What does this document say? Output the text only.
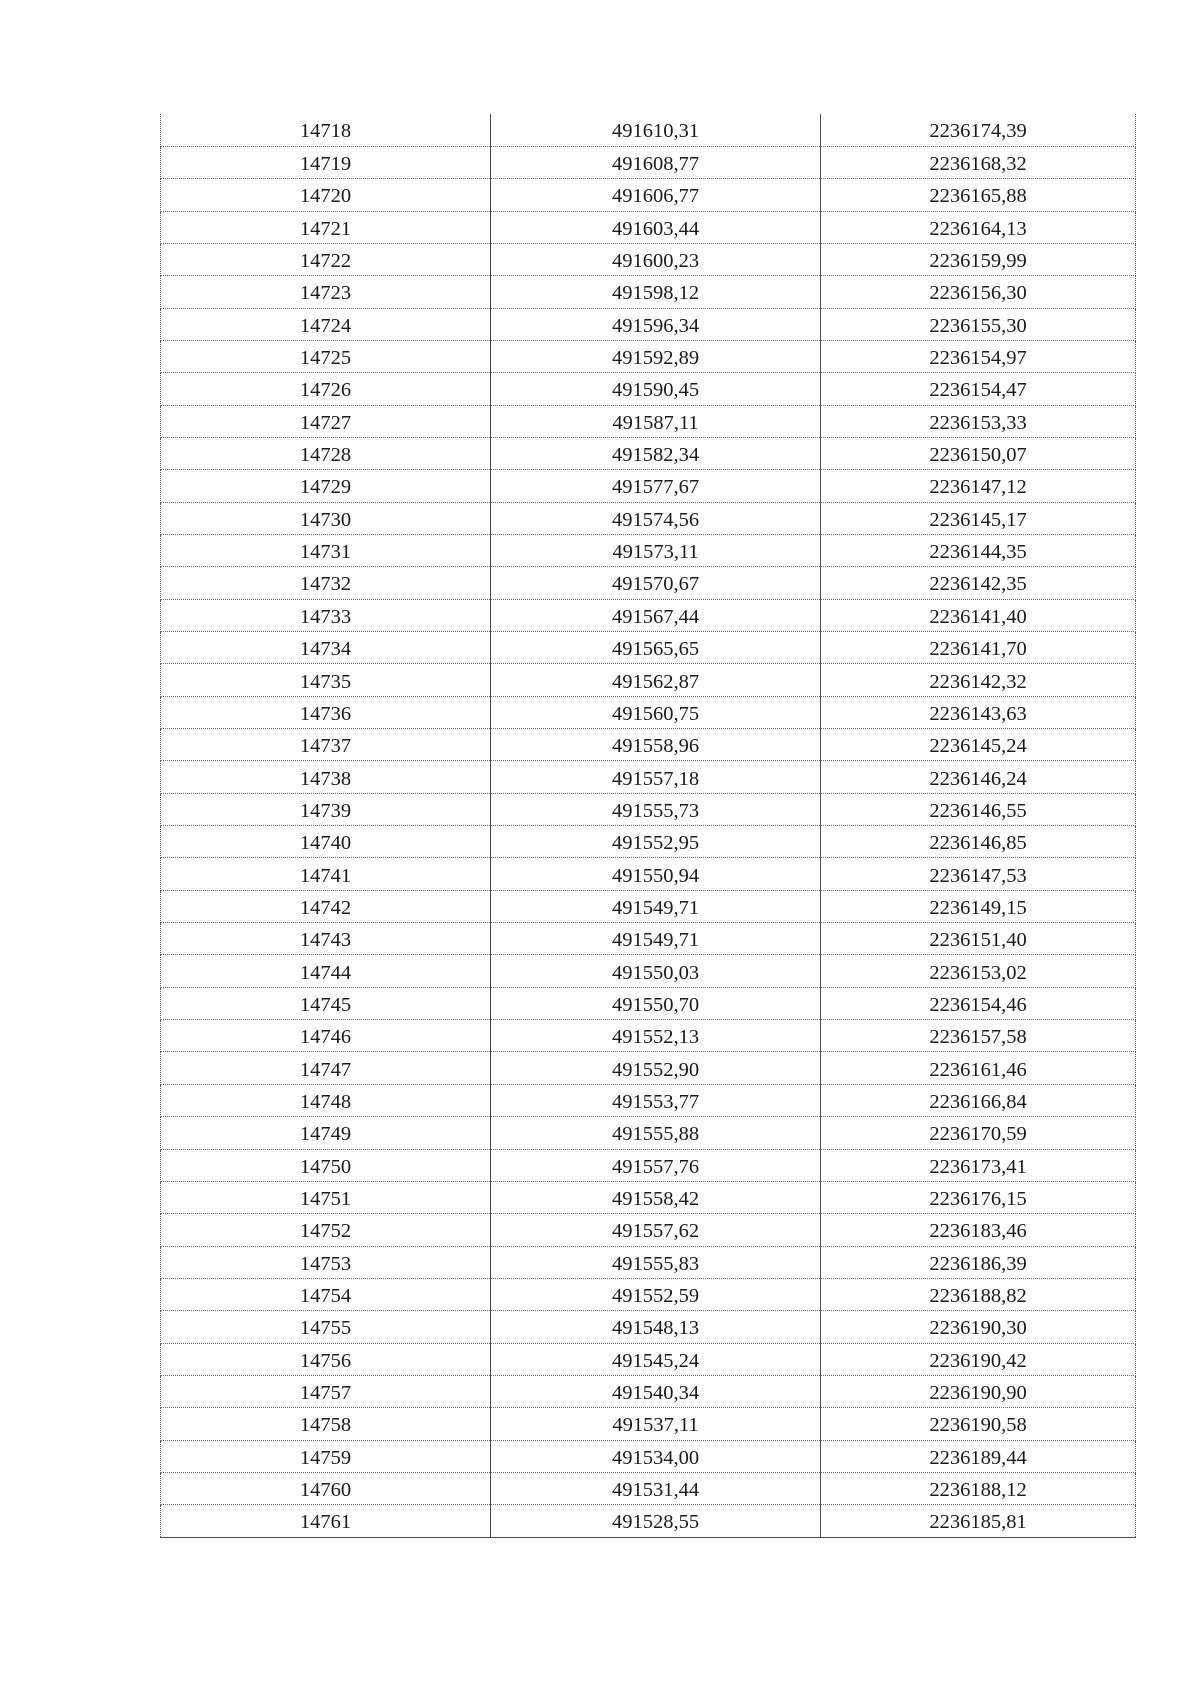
14718	491610,31	2236174,39
14719	491608,77	2236168,32
14720	491606,77	2236165,88
14721	491603,44	2236164,13
14722	491600,23	2236159,99
14723	491598,12	2236156,30
14724	491596,34	2236155,30
14725	491592,89	2236154,97
14726	491590,45	2236154,47
14727	491587,11	2236153,33
14728	491582,34	2236150,07
14729	491577,67	2236147,12
14730	491574,56	2236145,17
14731	491573,11	2236144,35
14732	491570,67	2236142,35
14733	491567,44	2236141,40
14734	491565,65	2236141,70
14735	491562,87	2236142,32
14736	491560,75	2236143,63
14737	491558,96	2236145,24
14738	491557,18	2236146,24
14739	491555,73	2236146,55
14740	491552,95	2236146,85
14741	491550,94	2236147,53
14742	491549,71	2236149,15
14743	491549,71	2236151,40
14744	491550,03	2236153,02
14745	491550,70	2236154,46
14746	491552,13	2236157,58
14747	491552,90	2236161,46
14748	491553,77	2236166,84
14749	491555,88	2236170,59
14750	491557,76	2236173,41
14751	491558,42	2236176,15
14752	491557,62	2236183,46
14753	491555,83	2236186,39
14754	491552,59	2236188,82
14755	491548,13	2236190,30
14756	491545,24	2236190,42
14757	491540,34	2236190,90
14758	491537,11	2236190,58
14759	491534,00	2236189,44
14760	491531,44	2236188,12
14761	491528,55	2236185,81
